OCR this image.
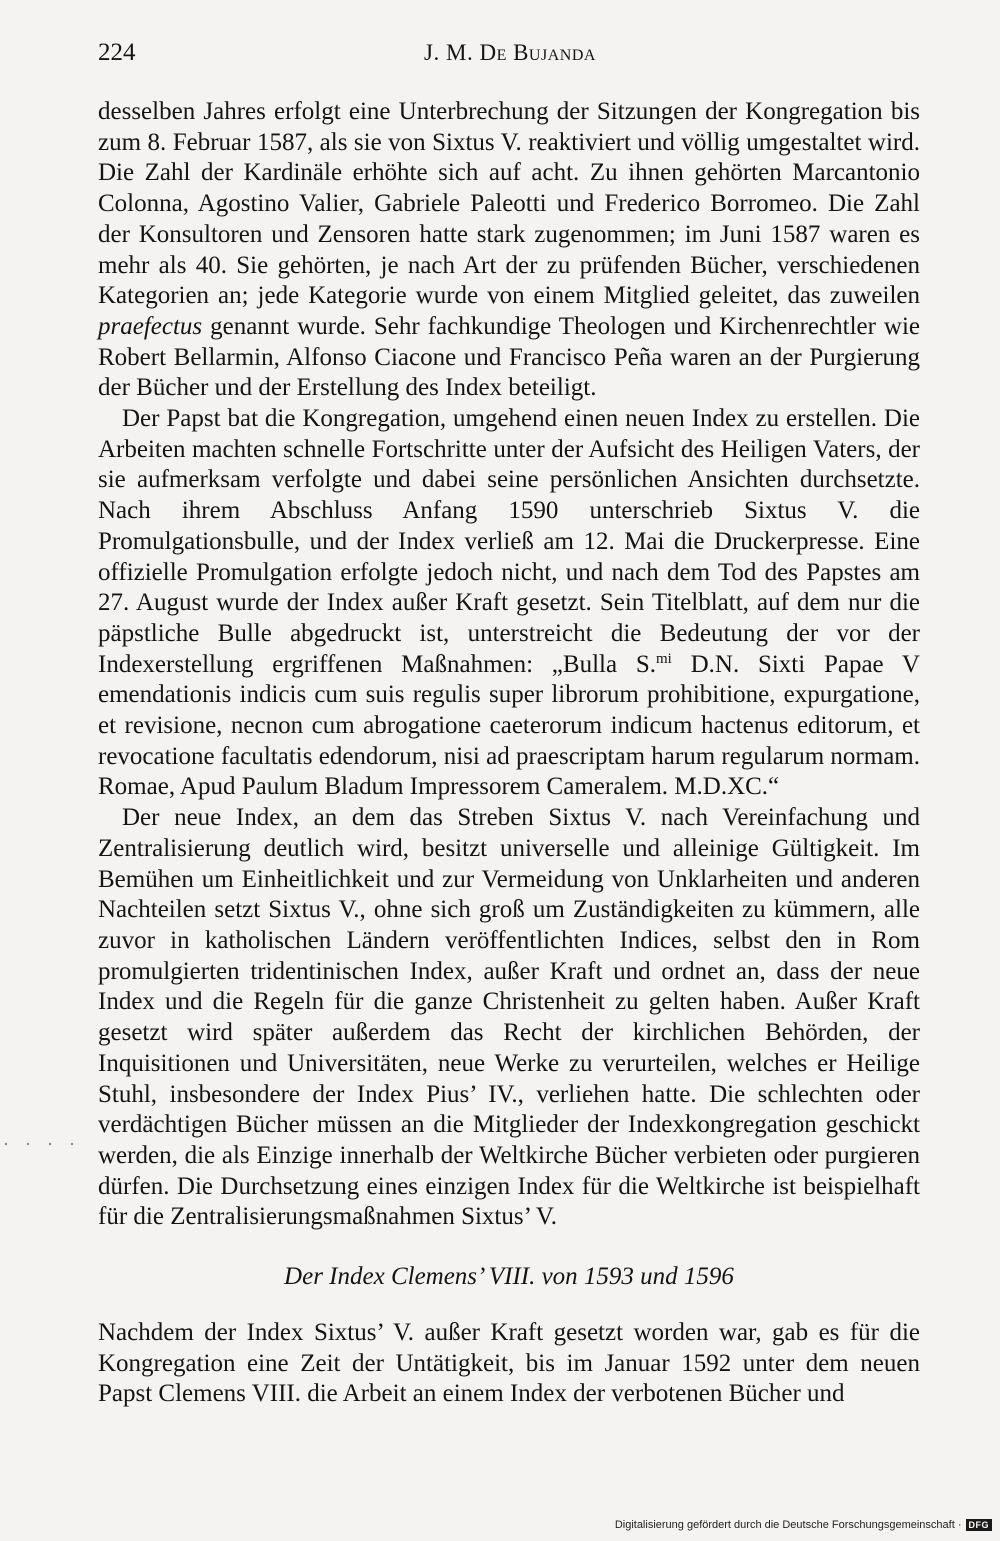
224	J. M. De Bujanda

desselben Jahres erfolgt eine Unterbrechung der Sitzungen der Kongregation bis zum 8. Februar 1587, als sie von Sixtus V. reaktiviert und völlig umgestaltet wird. Die Zahl der Kardinäle erhöhte sich auf acht. Zu ihnen gehörten Marcantonio Colonna, Agostino Valier, Gabriele Paleotti und Frederico Borromeo. Die Zahl der Konsultoren und Zensoren hatte stark zugenommen; im Juni 1587 waren es mehr als 40. Sie gehörten, je nach Art der zu prüfenden Bücher, verschiedenen Kategorien an; jede Kategorie wurde von einem Mitglied geleitet, das zuweilen praefectus genannt wurde. Sehr fachkundige Theologen und Kirchenrechtler wie Robert Bellarmin, Alfonso Ciacone und Francisco Peña waren an der Purgierung der Bücher und der Erstellung des Index beteiligt.

Der Papst bat die Kongregation, umgehend einen neuen Index zu erstellen. Die Arbeiten machten schnelle Fortschritte unter der Aufsicht des Heiligen Vaters, der sie aufmerksam verfolgte und dabei seine persönlichen Ansichten durchsetzte. Nach ihrem Abschluss Anfang 1590 unterschrieb Sixtus V. die Promulgationsbulle, und der Index verließ am 12. Mai die Druckerpresse. Eine offizielle Promulgation erfolgte jedoch nicht, und nach dem Tod des Papstes am 27. August wurde der Index außer Kraft gesetzt. Sein Titelblatt, auf dem nur die päpstliche Bulle abgedruckt ist, unterstreicht die Bedeutung der vor der Indexerstellung ergriffenen Maßnahmen: „Bulla S.$^{mi}$ D.N. Sixti Papae V emendationis indicis cum suis regulis super librorum prohibitione, expurgatione, et revisione, necnon cum abrogatione caeterorum indicum hactenus editorum, et revocatione facultatis edendorum, nisi ad praescriptam harum regularum normam. Romae, Apud Paulum Bladum Impressorem Cameralem. M.D.XC.“

Der neue Index, an dem das Streben Sixtus V. nach Vereinfachung und Zentralisierung deutlich wird, besitzt universelle und alleinige Gültigkeit. Im Bemühen um Einheitlichkeit und zur Vermeidung von Unklarheiten und anderen Nachteilen setzt Sixtus V., ohne sich groß um Zuständigkeiten zu kümmern, alle zuvor in katholischen Ländern veröffentlichten Indices, selbst den in Rom promulgierten tridentinischen Index, außer Kraft und ordnet an, dass der neue Index und die Regeln für die ganze Christenheit zu gelten haben. Außer Kraft gesetzt wird später außerdem das Recht der kirchlichen Behörden, der Inquisitionen und Universitäten, neue Werke zu verurteilen, welches er Heilige Stuhl, insbesondere der Index Pius’ IV., verliehen hatte. Die schlechten oder verdächtigen Bücher müssen an die Mitglieder der Indexkongregation geschickt werden, die als Einzige innerhalb der Weltkirche Bücher verbieten oder purgieren dürfen. Die Durchsetzung eines einzigen Index für die Weltkirche ist beispielhaft für die Zentralisierungsmaßnahmen Sixtus’ V.

Der Index Clemens’ VIII. von 1593 und 1596

Nachdem der Index Sixtus’ V. außer Kraft gesetzt worden war, gab es für die Kongregation eine Zeit der Untätigkeit, bis im Januar 1592 unter dem neuen Papst Clemens VIII. die Arbeit an einem Index der verbotenen Bücher und

Digitalisierung gefördert durch die Deutsche Forschungsgemeinschaft · DFG
